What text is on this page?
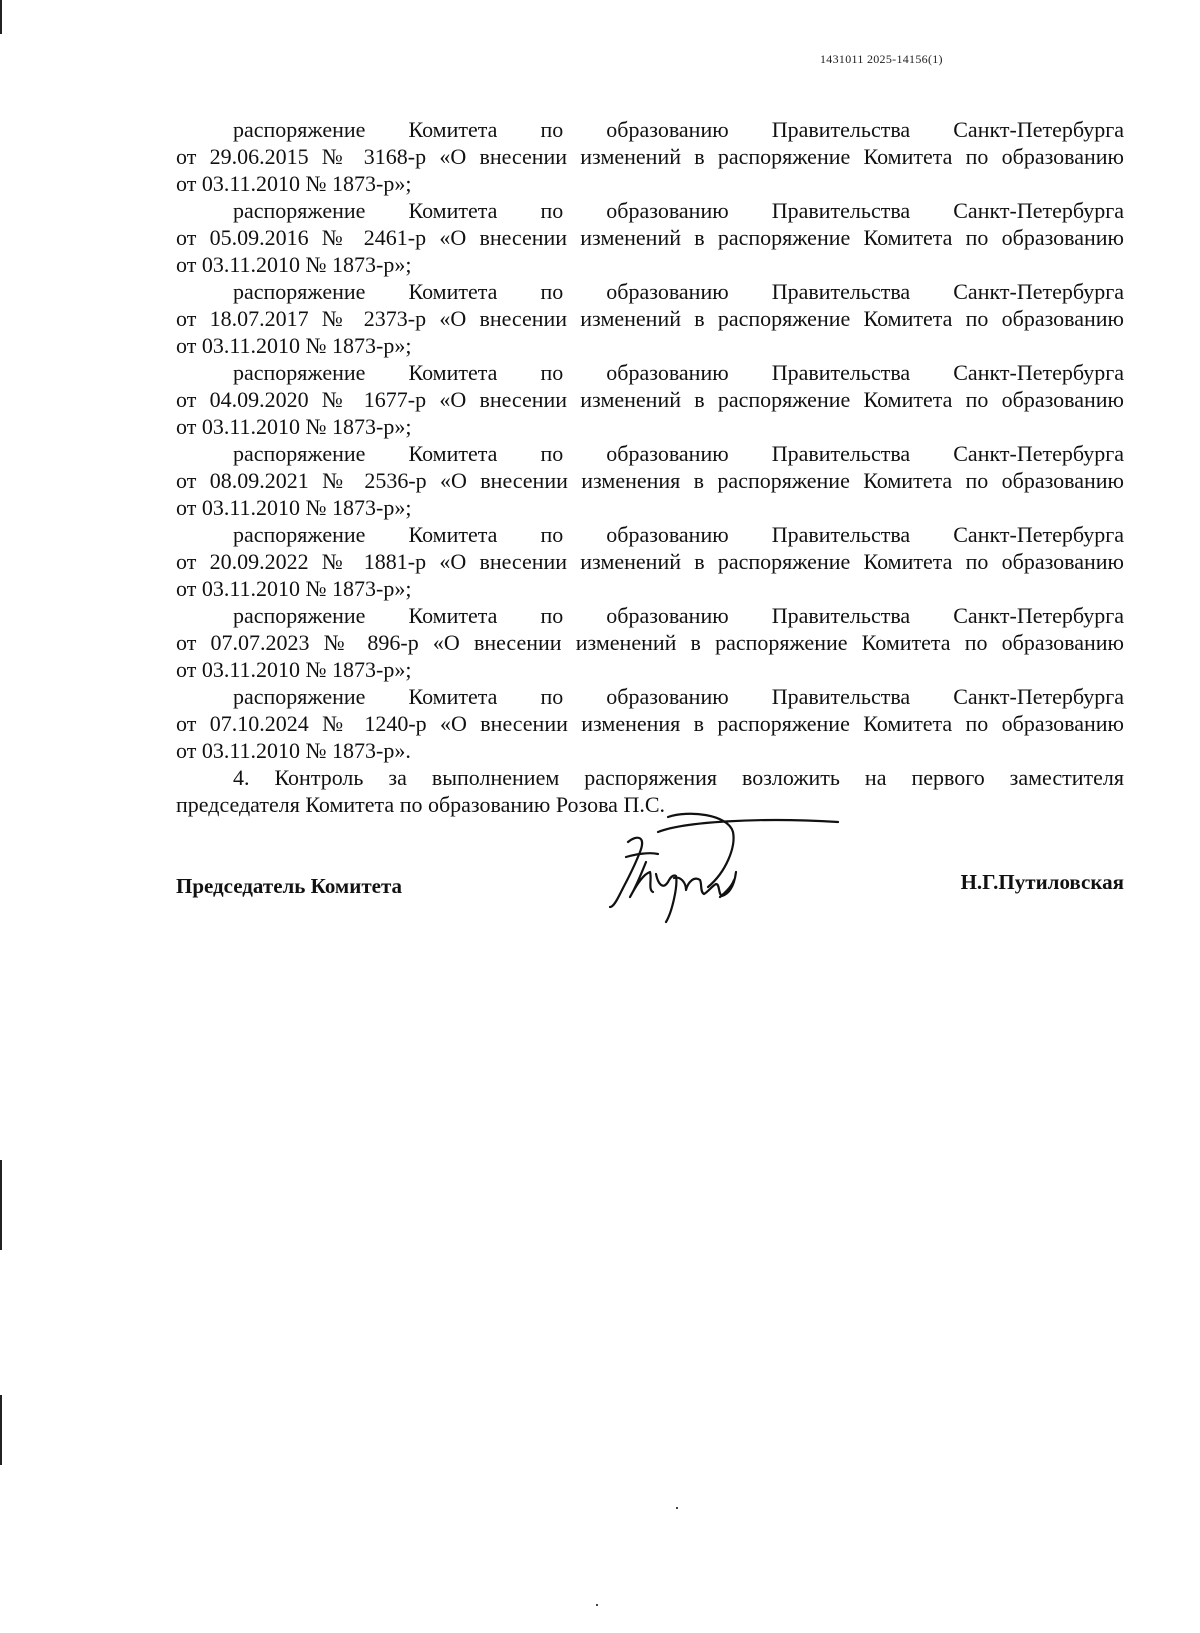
1431011 2025-14156(1)
распоряжение Комитета по образованию Правительства Санкт-Петербурга
от 29.06.2015 № 3168-р «О внесении изменений в распоряжение Комитета по образованию
от 03.11.2010 № 1873-р»;
распоряжение Комитета по образованию Правительства Санкт-Петербурга
от 05.09.2016 № 2461-р «О внесении изменений в распоряжение Комитета по образованию
от 03.11.2010 № 1873-р»;
распоряжение Комитета по образованию Правительства Санкт-Петербурга
от 18.07.2017 № 2373-р «О внесении изменений в распоряжение Комитета по образованию
от 03.11.2010 № 1873-р»;
распоряжение Комитета по образованию Правительства Санкт-Петербурга
от 04.09.2020 № 1677-р «О внесении изменений в распоряжение Комитета по образованию
от 03.11.2010 № 1873-р»;
распоряжение Комитета по образованию Правительства Санкт-Петербурга
от 08.09.2021 № 2536-р «О внесении изменения в распоряжение Комитета по образованию
от 03.11.2010 № 1873-р»;
распоряжение Комитета по образованию Правительства Санкт-Петербурга
от 20.09.2022 № 1881-р «О внесении изменений в распоряжение Комитета по образованию
от 03.11.2010 № 1873-р»;
распоряжение Комитета по образованию Правительства Санкт-Петербурга
от 07.07.2023 № 896-р «О внесении изменений в распоряжение Комитета по образованию
от 03.11.2010 № 1873-р»;
распоряжение Комитета по образованию Правительства Санкт-Петербурга
от 07.10.2024 № 1240-р «О внесении изменения в распоряжение Комитета по образованию
от 03.11.2010 № 1873-р».
4. Контроль за выполнением распоряжения возложить на первого заместителя
председателя Комитета по образованию Розова П.С.
Председатель Комитета	Н.Г.Путиловская
